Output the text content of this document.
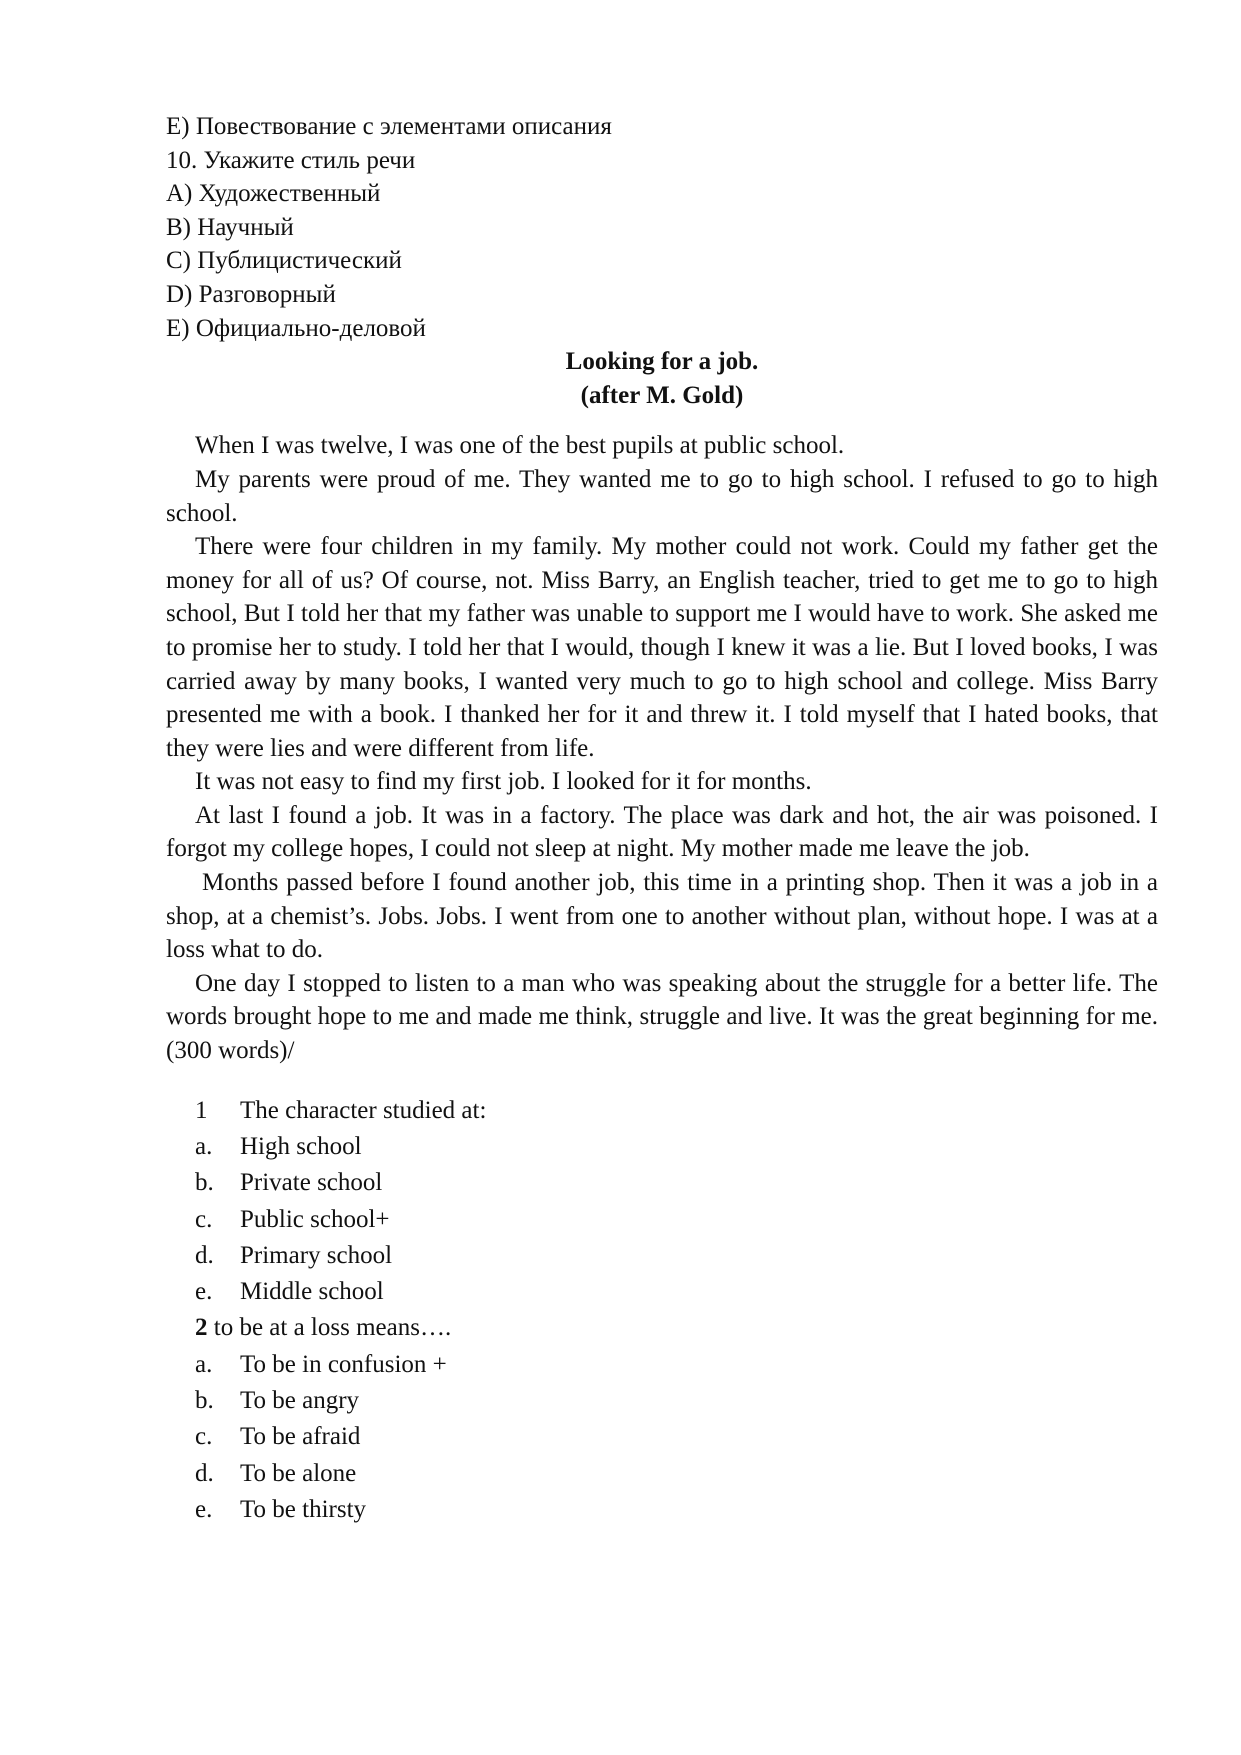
E) Повествование с элементами описания
10. Укажите стиль речи
A) Художественный
B) Научный
C) Публицистический
D) Разговорный
E) Официально-деловой
Looking for a job.
(after M. Gold)

When I was twelve, I was one of the best pupils at public school.

My parents were proud of me. They wanted me to go to high school. I refused to go to high school.

There were four children in my family. My mother could not work. Could my father get the money for all of us? Of course, not. Miss Barry, an English teacher, tried to get me to go to high school, But I told her that my father was unable to support me I would have to work. She asked me to promise her to study. I told her that I would, though I knew it was a lie. But I loved books, I was carried away by many books, I wanted very much to go to high school and college. Miss Barry presented me with a book. I thanked her for it and threw it. I told myself that I hated books, that they were lies and were different from life.

It was not easy to find my first job. I looked for it for months.

At last I found a job. It was in a factory. The place was dark and hot, the air was poisoned. I forgot my college hopes, I could not sleep at night. My mother made me leave the job.

Months passed before I found another job, this time in a printing shop. Then it was a job in a shop, at a chemist’s. Jobs. Jobs. I went from one to another without plan, without hope. I was at a loss what to do.

One day I stopped to listen to a man who was speaking about the struggle for a better life. The words brought hope to me and made me think, struggle and live. It was the great beginning for me. (300 words)/

1	The character studied at:
a.	High school
b.	Private school
c.	Public school+
d.	Primary school
e.	Middle school
2 to be at a loss means….
a.	To be in confusion +
b.	To be angry
c.	To be afraid
d.	To be alone
e.	To be thirsty
